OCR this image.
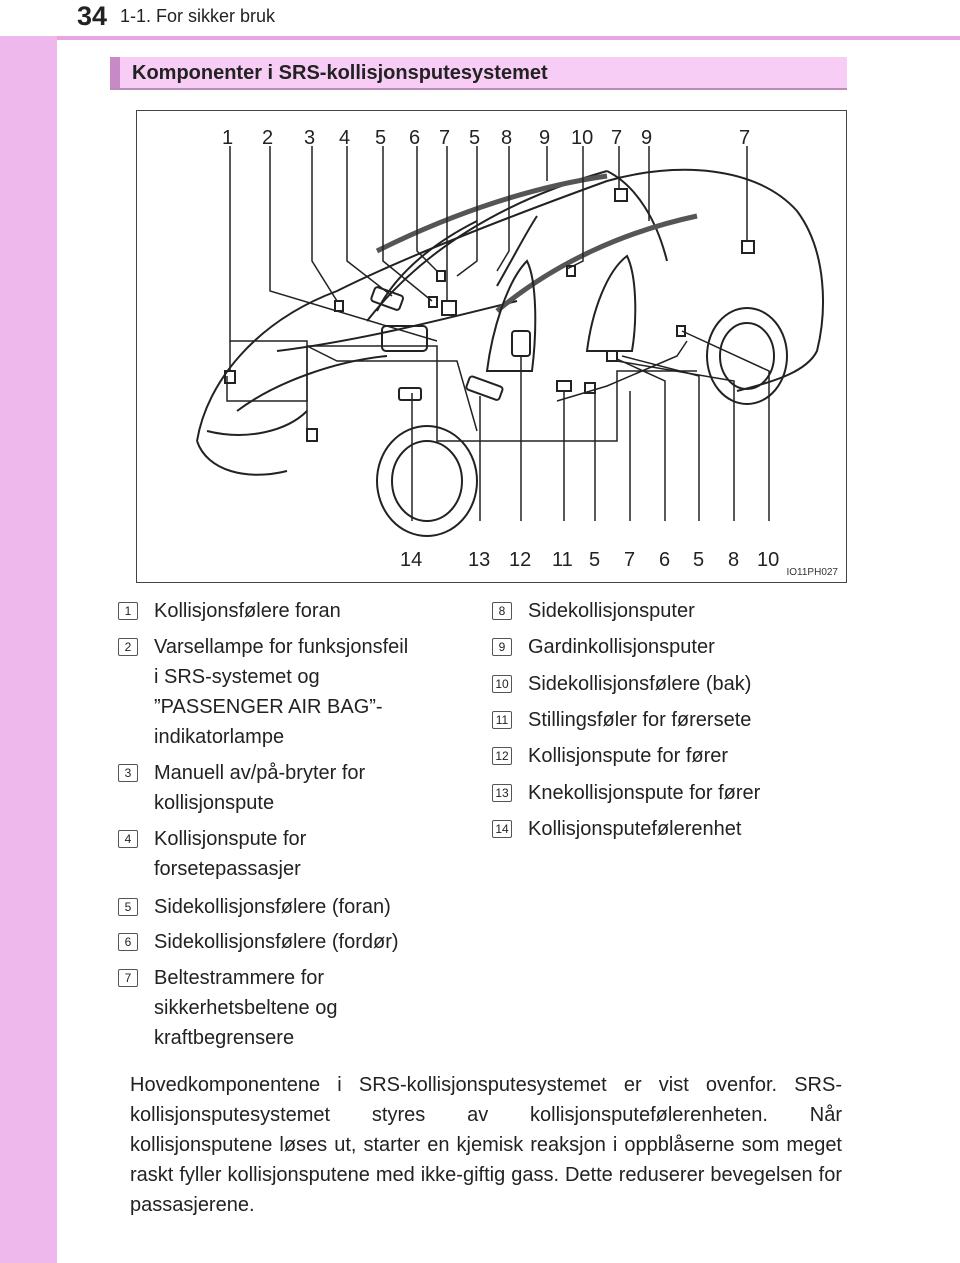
34 1-1. For sikker bruk
Komponenter i SRS-kollisjonsputesystemet
1 2 3 4 5 6 7 5 8 9 10 7 9	7
14 13 12 11 5 7 6 5 8 10
IO11PH027
1	Kollisjonsfølere foran
2	Varsellampe for funksjonsfeil
i SRS-systemet og
”PASSENGER AIR BAG”-
indikatorlampe
3	Manuell av/på-bryter for
kollisjonspute
4	Kollisjonspute for
forsetepassasjer
5	Sidekollisjonsfølere (foran)
6	Sidekollisjonsfølere (fordør)
7	Beltestrammere for
sikkerhetsbeltene og
kraftbegrensere
8	Sidekollisjonsputer
9	Gardinkollisjonsputer
10 Sidekollisjonsfølere (bak)
11 Stillingsføler for førersete
12 Kollisjonspute for fører
13 Knekollisjonspute for fører
14 Kollisjonsputefølerenhet
Hovedkomponentene i SRS-kollisjonsputesystemet er vist ovenfor. SRS-kollisjonsputesystemet styres av kollisjonsputefølerenheten. Når kollisjonsputene løses ut, starter en kjemisk reaksjon i oppblåserne som meget raskt fyller kollisjonsputene med ikke-giftig gass. Dette reduserer bevegelsen for passasjerene.
